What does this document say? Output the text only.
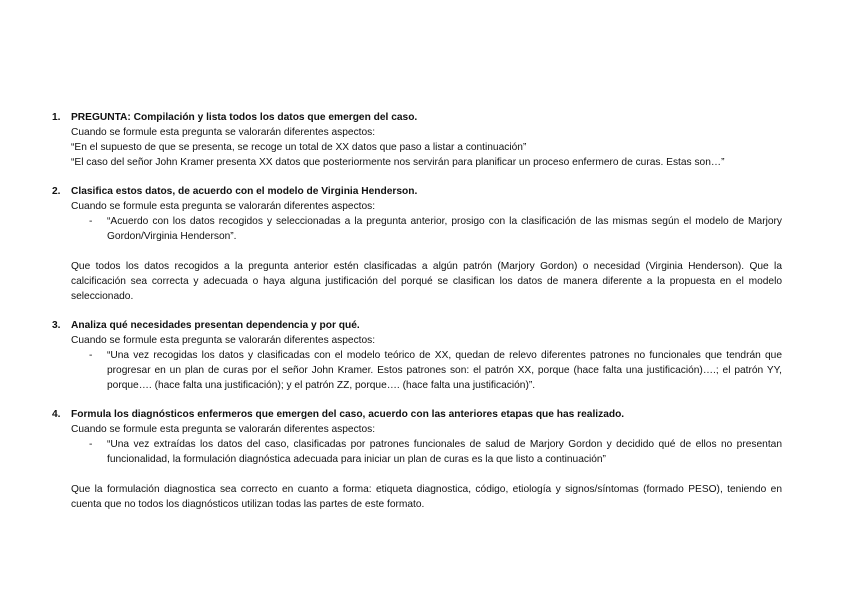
1. PREGUNTA: Compilación y lista todos los datos que emergen del caso.
Cuando se formule esta pregunta se valorarán diferentes aspectos:
“En el supuesto de que se presenta, se recoge un total de XX datos que paso a listar a continuación”
“El caso del señor John Kramer presenta XX datos que posteriormente nos servirán para planificar un proceso enfermero de curas. Estas son…”
2. Clasifica estos datos, de acuerdo con el modelo de Virginia Henderson.
Cuando se formule esta pregunta se valorarán diferentes aspectos:
- “Acuerdo con los datos recogidos y seleccionadas a la pregunta anterior, prosigo con la clasificación de las mismas según el modelo de Marjory Gordon/Virginia Henderson”.
Que todos los datos recogidos a la pregunta anterior estén clasificadas a algún patrón (Marjory Gordon) o necesidad (Virginia Henderson). Que la calcificación sea correcta y adecuada o haya alguna justificación del porqué se clasifican los datos de manera diferente a la propuesta en el modelo seleccionado.
3. Analiza qué necesidades presentan dependencia y por qué.
Cuando se formule esta pregunta se valorarán diferentes aspectos:
- “Una vez recogidas los datos y clasificadas con el modelo teórico de XX, quedan de relevo diferentes patrones no funcionales que tendrán que progresar en un plan de curas por el señor John Kramer. Estos patrones son: el patrón XX, porque (hace falta una justificación)….; el patrón YY, porque…. (hace falta una justificación); y el patrón ZZ, porque…. (hace falta una justificación)”.
4. Formula los diagnósticos enfermeros que emergen del caso, acuerdo con las anteriores etapas que has realizado.
Cuando se formule esta pregunta se valorarán diferentes aspectos:
- “Una vez extraídas los datos del caso, clasificadas por patrones funcionales de salud de Marjory Gordon y decidido qué de ellos no presentan funcionalidad, la formulación diagnóstica adecuada para iniciar un plan de curas es la que listo a continuación”
Que la formulación diagnostica sea correcto en cuanto a forma: etiqueta diagnostica, código, etiología y signos/síntomas (formado PESO), teniendo en cuenta que no todos los diagnósticos utilizan todas las partes de este formato.
